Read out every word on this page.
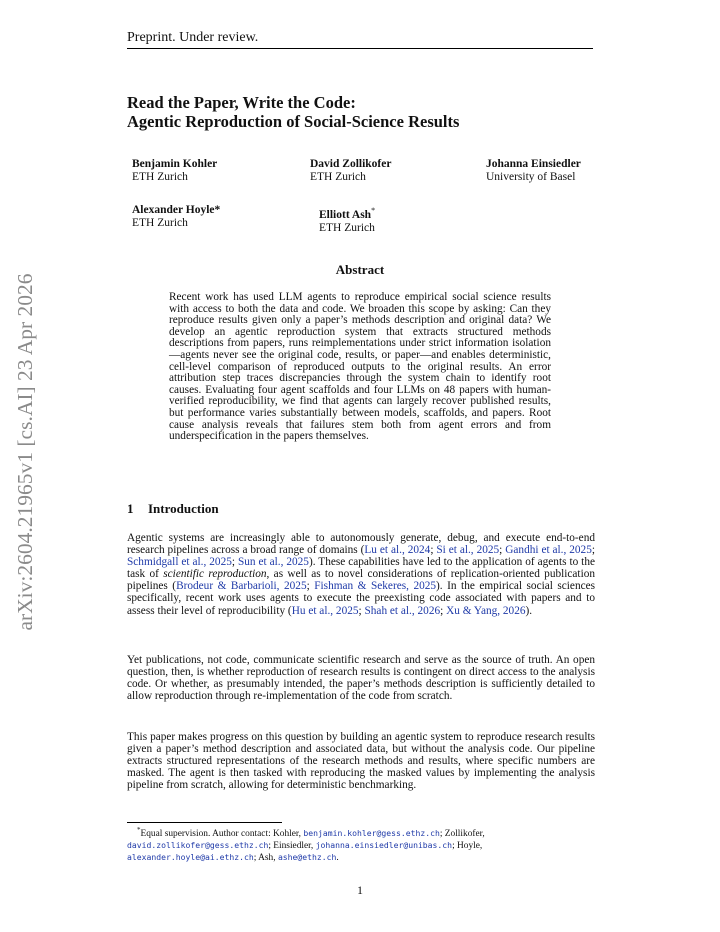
Preprint. Under review.
arXiv:2604.21965v1 [cs.AI] 23 Apr 2026
Read the Paper, Write the Code:
Agentic Reproduction of Social-Science Results
Benjamin Kohler
ETH Zurich
David Zollikofer
ETH Zurich
Johanna Einsiedler
University of Basel
Alexander Hoyle*
ETH Zurich
Elliott Ash*
ETH Zurich
Abstract
Recent work has used LLM agents to reproduce empirical social science results with access to both the data and code. We broaden this scope by asking: Can they reproduce results given only a paper’s methods description and original data? We develop an agentic reproduction system that extracts structured methods descriptions from papers, runs reimplementations under strict information isolation—agents never see the original code, results, or paper—and enables deterministic, cell-level comparison of reproduced outputs to the original results. An error attribution step traces discrepancies through the system chain to identify root causes. Evaluating four agent scaffolds and four LLMs on 48 papers with human-verified reproducibility, we find that agents can largely recover published results, but performance varies substantially between models, scaffolds, and papers. Root cause analysis reveals that failures stem both from agent errors and from underspecification in the papers themselves.
1 Introduction
Agentic systems are increasingly able to autonomously generate, debug, and execute end-to-end research pipelines across a broad range of domains (Lu et al., 2024; Si et al., 2025; Gandhi et al., 2025; Schmidgall et al., 2025; Sun et al., 2025). These capabilities have led to the application of agents to the task of scientific reproduction, as well as to novel considerations of replication-oriented publication pipelines (Brodeur & Barbarioli, 2025; Fishman & Sekeres, 2025). In the empirical social sciences specifically, recent work uses agents to execute the preexisting code associated with papers and to assess their level of reproducibility (Hu et al., 2025; Shah et al., 2026; Xu & Yang, 2026).
Yet publications, not code, communicate scientific research and serve as the source of truth. An open question, then, is whether reproduction of research results is contingent on direct access to the analysis code. Or whether, as presumably intended, the paper’s methods description is sufficiently detailed to allow reproduction through re-implementation of the code from scratch.
This paper makes progress on this question by building an agentic system to reproduce research results given a paper’s method description and associated data, but without the analysis code. Our pipeline extracts structured representations of the research methods and results, where specific numbers are masked. The agent is then tasked with reproducing the masked values by implementing the analysis pipeline from scratch, allowing for deterministic benchmarking.
*Equal supervision. Author contact: Kohler, benjamin.kohler@gess.ethz.ch; Zollikofer, david.zollikofer@gess.ethz.ch; Einsiedler, johanna.einsiedler@unibas.ch; Hoyle, alexander.hoyle@ai.ethz.ch; Ash, ashe@ethz.ch.
1
